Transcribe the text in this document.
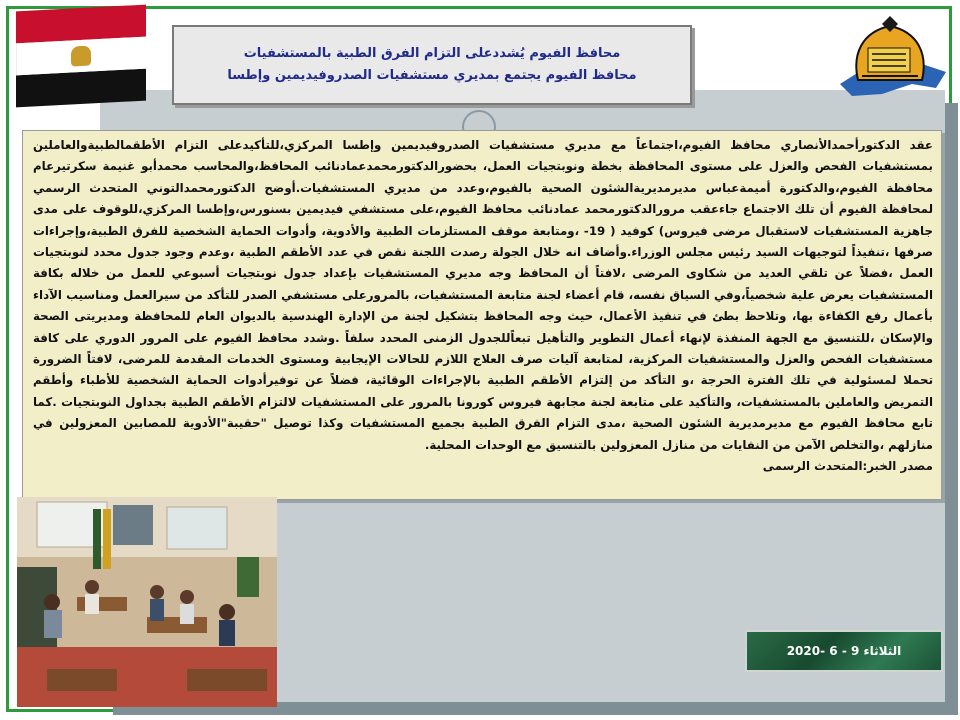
محافظ الفيوم يُشددعلى التزام الفرق الطبية بالمستشفيات
محافظ الفيوم يجتمع بمديري مستشفيات الصدروفيديمين وإطسا

عقد الدكتورأحمدالأنصاري محافظ الفيوم،اجتماعاً مع مديري مستشفيات الصدروفيديمين وإطسا المركزي،للتأكيدعلى التزام الأطقمالطبيةوالعاملين بمستشفيات الفحص والعزل على مستوى المحافظة بخطة ونوبتجيات العمل، بحضورالدكتورمحمدعمادنائب المحافظ،والمحاسب محمدأبو غنيمة سكرتيرعام محافظة الفيوم،والدكتورة أميمةعباس مديرمديريةالشئون الصحية بالفيوم،وعدد من مديري المستشفيات.أوضح الدكتورمحمدالتوني المتحدث الرسمي لمحافظة الفيوم أن تلك الاجتماع جاءعقب مرورالدكتورمحمد عمادنائب محافظ الفيوم،على مستشفي فيديمين بسنورس،وإطسا المركزي،للوقوف على مدى جاهزية المستشفيات لاستقبال مرضى فيروس) كوفيد ( 19- ،ومتابعة موقف المستلزمات الطبية والأدوية، وأدوات الحماية الشخصية للفرق الطبية،وإجراءات صرفها ،تنفيذاً لتوجيهات السيد رئيس مجلس الوزراء.وأضاف انه خلال الجولة رصدت اللجنة نقص في عدد الأطقم الطبية ،وعدم وجود جدول محدد لنوبتجيات العمل ،فضلاً عن تلقي العديد من شكاوى المرضى ،لافتاً أن المحافظ وجه مديري المستشفيات بإعداد جدول نوبتجيات أسبوعي للعمل من خلاله بكافة المستشفيات يعرض علية شخصياً،وفي السياق نفسه، قام أعضاء لجنة متابعة المستشفيات، بالمرورعلى مستشفي الصدر للتأكد من سيرالعمل ومناسيب الآداء بأعمال رفع الكفاءة بها، وتلاحظ بطئ في تنفيذ الأعمال، حيث وجه المحافظ بتشكيل لجنة من الإدارة الهندسية بالديوان العام للمحافظة ومديريتى الصحة والإسكان ،للتنسيق مع الجهة المنفذة لإنهاء أعمال التطوير والتأهيل تبعاًللجدول الزمنى المحدد سلفاً .وشدد محافظ الفيوم على المرور الدوري على كافة مستشفيات الفحص والعزل والمستشفيات المركزية، لمتابعة آليات صرف العلاج اللازم للحالات الإيجابية ومستوى الخدمات المقدمة للمرضى، لافتاً الضرورة تحملا لمسئولية في تلك الفترة الحرجة ،و التأكد من إلتزام الأطقم الطبية بالإجراءات الوقائية، فضلاً عن توفيرأدوات الحماية الشخصية للأطباء وأطقم التمريض والعاملين بالمستشفيات، والتأكيد على متابعة لجنة مجابهة فيروس كورونا بالمرور على المستشفيات لالتزام الأطقم الطبية بجداول النوبتجيات .كما تابع محافظ الفيوم مع مديرمديرية الشئون الصحية ،مدى التزام الفرق الطبية بجميع المستشفيات وكذا توصيل "حقيبة"الأدوية للمصابين المعزولين في منازلهم ،والتخلص الآمن من النفايات من منازل المعزولين بالتنسيق مع الوحدات المحلية.

مصدر الخبر:المتحدث الرسمى

الثلاثاء 9 - 6 -2020
